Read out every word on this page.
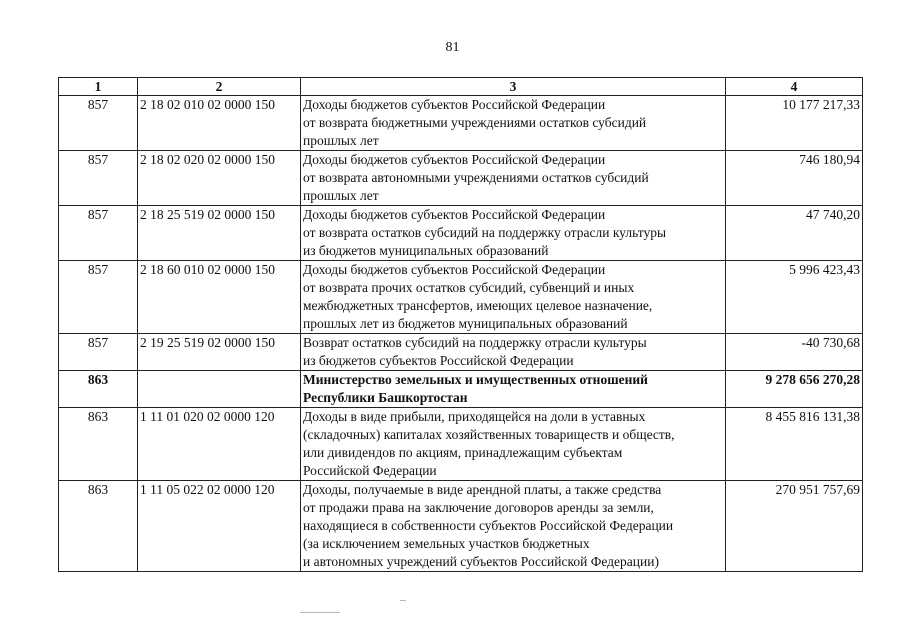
81
1	2	3	4
857	2 18 02 010 02 0000 150	Доходы бюджетов субъектов Российской Федерации
от возврата бюджетными учреждениями остатков субсидий
прошлых лет	10 177 217,33
857	2 18 02 020 02 0000 150	Доходы бюджетов субъектов Российской Федерации
от возврата автономными учреждениями остатков субсидий
прошлых лет	746 180,94
857	2 18 25 519 02 0000 150	Доходы бюджетов субъектов Российской Федерации
от возврата остатков субсидий на поддержку отрасли культуры
из бюджетов муниципальных образований	47 740,20
857	2 18 60 010 02 0000 150	Доходы бюджетов субъектов Российской Федерации
от возврата прочих остатков субсидий, субвенций и иных
межбюджетных трансфертов, имеющих целевое назначение,
прошлых лет из бюджетов муниципальных образований	5 996 423,43
857	2 19 25 519 02 0000 150	Возврат остатков субсидий на поддержку отрасли культуры
из бюджетов субъектов Российской Федерации	-40 730,68
863		Министерство земельных и имущественных отношений
Республики Башкортостан	9 278 656 270,28
863	1 11 01 020 02 0000 120	Доходы в виде прибыли, приходящейся на доли в уставных
(складочных) капиталах хозяйственных товариществ и обществ,
или дивидендов по акциям, принадлежащим субъектам
Российской Федерации	8 455 816 131,38
863	1 11 05 022 02 0000 120	Доходы, получаемые в виде арендной платы, а также средства
от продажи права на заключение договоров аренды за земли,
находящиеся в собственности субъектов Российской Федерации
(за исключением земельных участков бюджетных
и автономных учреждений субъектов Российской Федерации)	270 951 757,69
